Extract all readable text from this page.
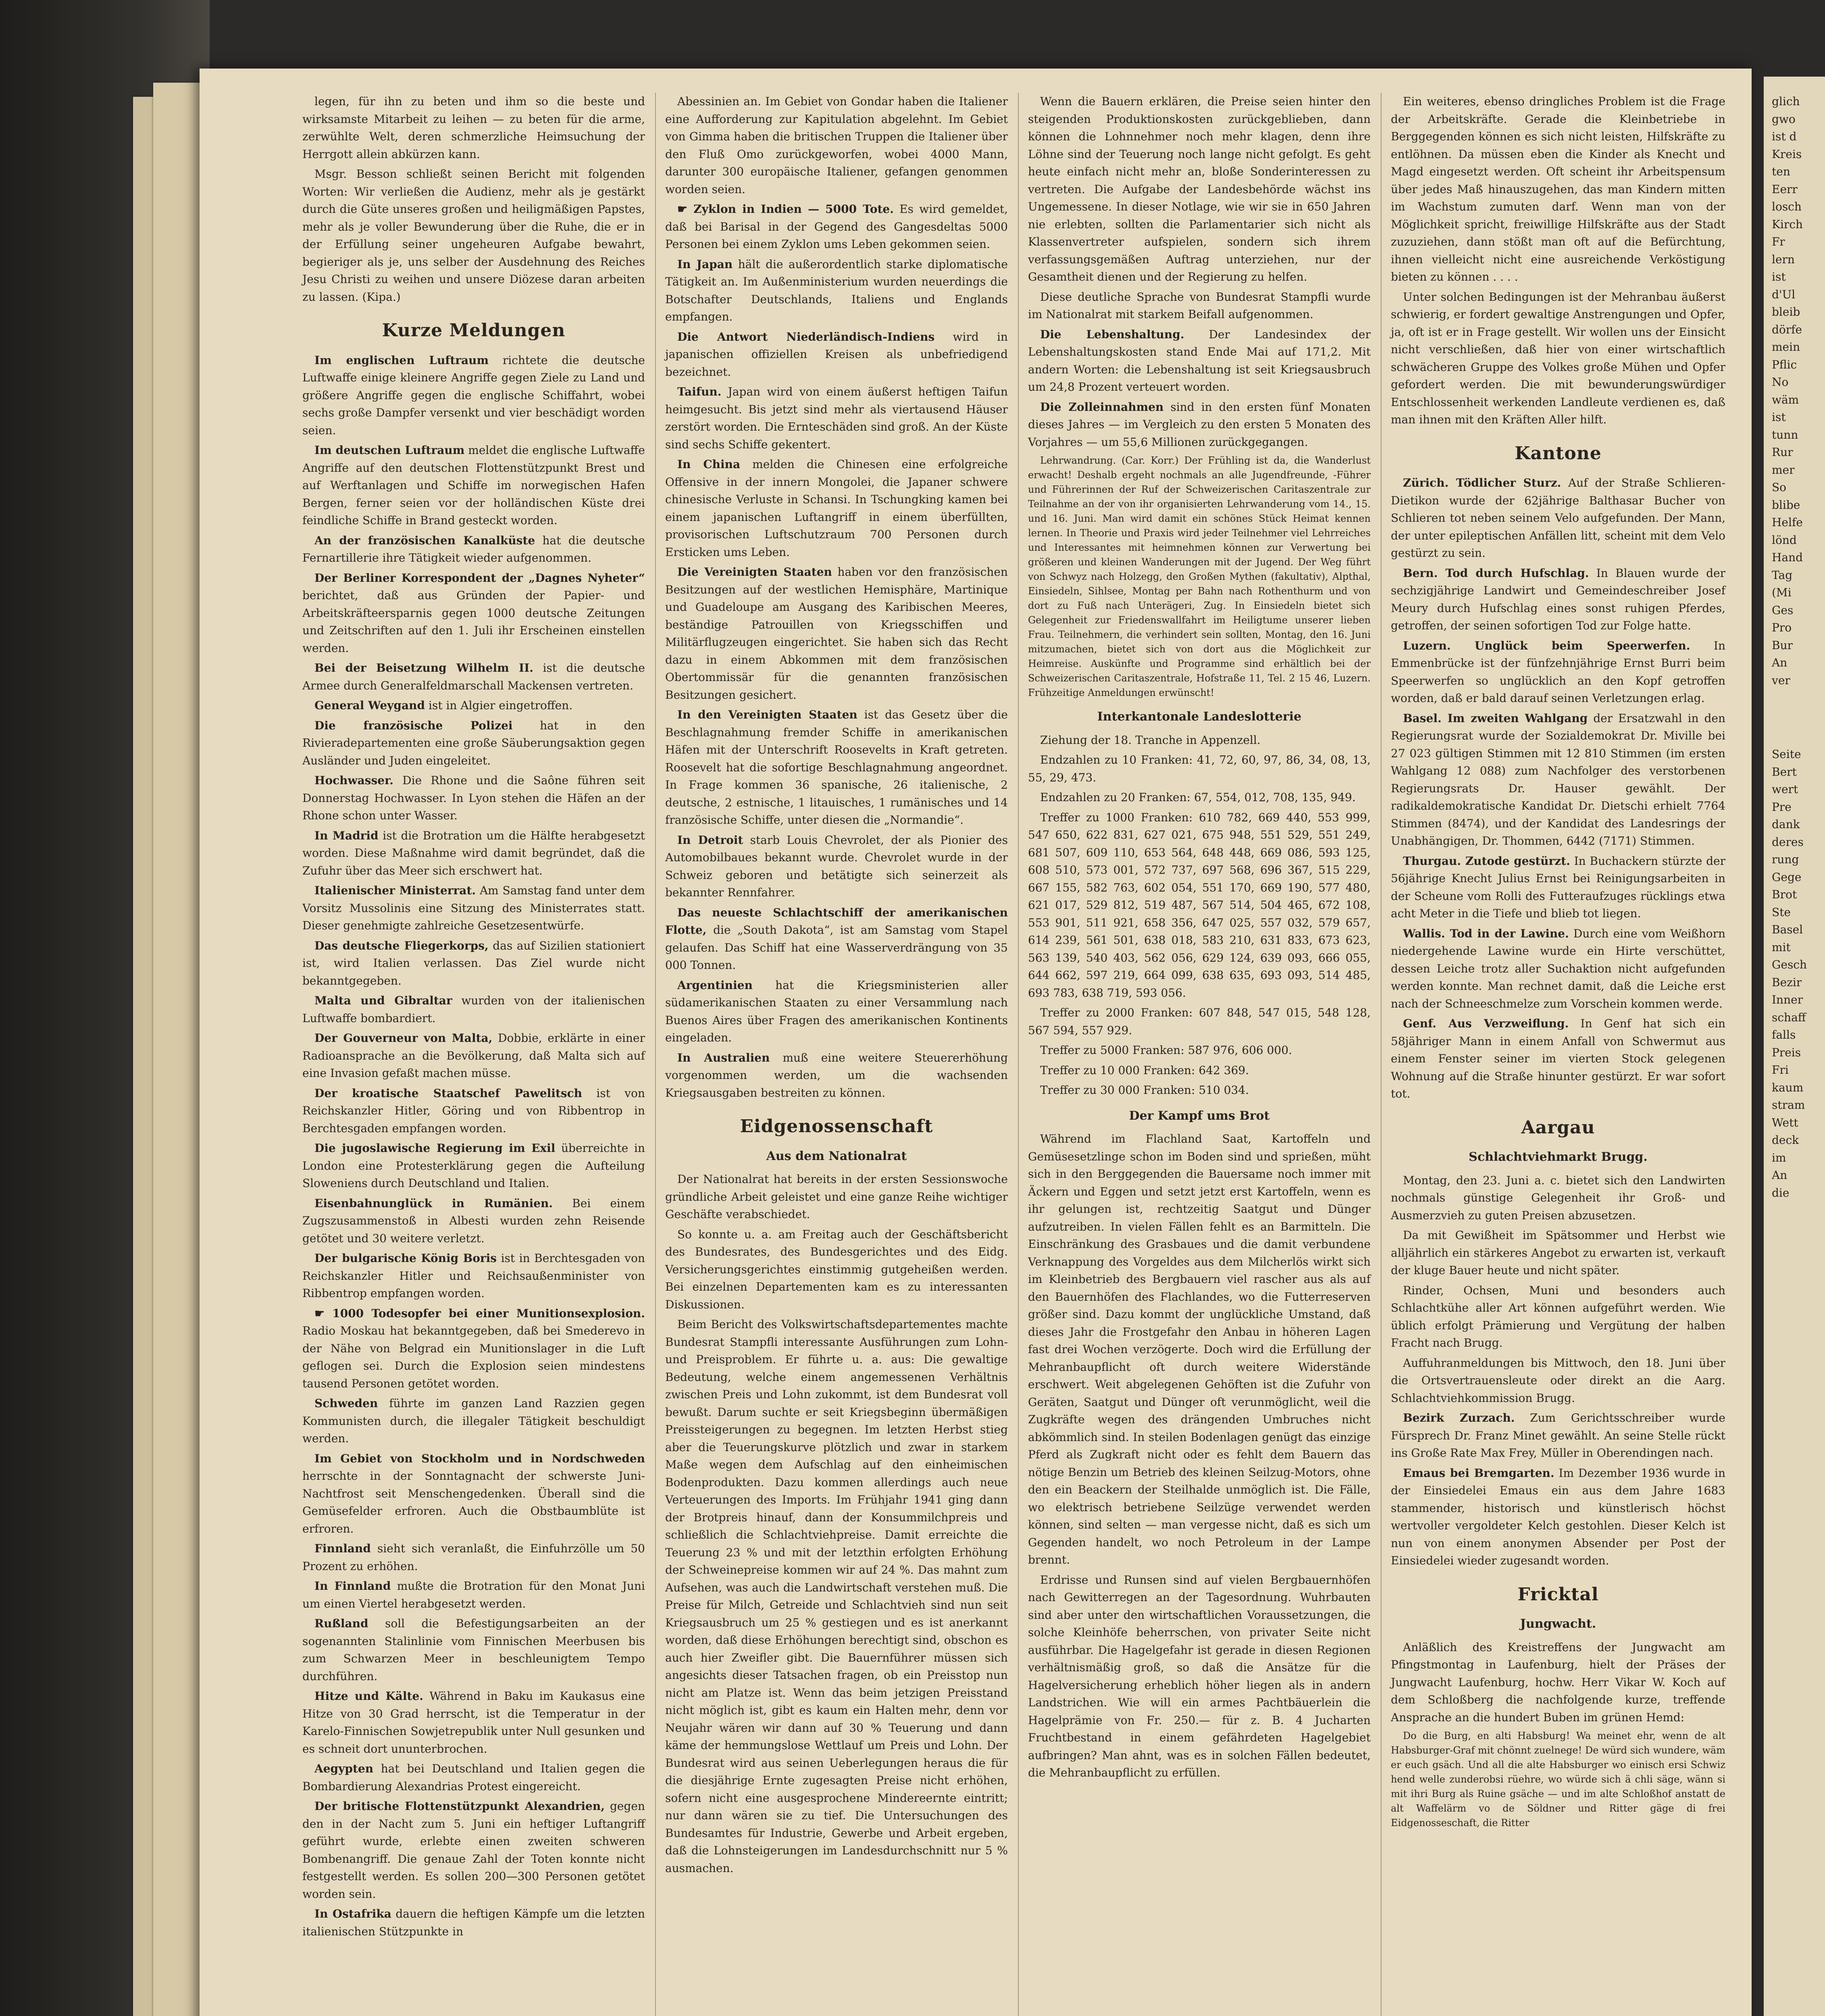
legen, für ihn zu beten und ihm so die beste und wirksamste Mitarbeit zu leihen — zu beten für die arme, zerwühlte Welt, deren schmerzliche Heimsuchung der Herrgott allein abkürzen kann.

Msgr. Besson schließt seinen Bericht mit folgenden Worten: Wir verließen die Audienz, mehr als je gestärkt durch die Güte unseres großen und heiligmäßigen Papstes, mehr als je voller Bewunderung über die Ruhe, die er in der Erfüllung seiner ungeheuren Aufgabe bewahrt, begieriger als je, uns selber der Ausdehnung des Reiches Jesu Christi zu weihen und unsere Diözese daran arbeiten zu lassen. (Kipa.)

Kurze Meldungen

Im englischen Luftraum richtete die deutsche Luftwaffe einige kleinere Angriffe gegen Ziele zu Land und größere Angriffe gegen die englische Schiffahrt, wobei sechs große Dampfer versenkt und vier beschädigt worden seien.

Im deutschen Luftraum meldet die englische Luftwaffe Angriffe auf den deutschen Flottenstützpunkt Brest und auf Werftanlagen und Schiffe im norwegischen Hafen Bergen, ferner seien vor der holländischen Küste drei feindliche Schiffe in Brand gesteckt worden.

An der französischen Kanalküste hat die deutsche Fernartillerie ihre Tätigkeit wieder aufgenommen.

Der Berliner Korrespondent der „Dagnes Nyheter“ berichtet, daß aus Gründen der Papier- und Arbeitskräfteersparnis gegen 1000 deutsche Zeitungen und Zeitschriften auf den 1. Juli ihr Erscheinen einstellen werden.

Bei der Beisetzung Wilhelm II. ist die deutsche Armee durch Generalfeldmarschall Mackensen vertreten.

General Weygand ist in Algier eingetroffen.

Die französische Polizei hat in den Rivieradepartementen eine große Säuberungsaktion gegen Ausländer und Juden eingeleitet.

Hochwasser. Die Rhone und die Saône führen seit Donnerstag Hochwasser. In Lyon stehen die Häfen an der Rhone schon unter Wasser.

In Madrid ist die Brotration um die Hälfte herabgesetzt worden. Diese Maßnahme wird damit begründet, daß die Zufuhr über das Meer sich erschwert hat.

Italienischer Ministerrat. Am Samstag fand unter dem Vorsitz Mussolinis eine Sitzung des Ministerrates statt. Dieser genehmigte zahlreiche Gesetzesentwürfe.

Das deutsche Fliegerkorps, das auf Sizilien stationiert ist, wird Italien verlassen. Das Ziel wurde nicht bekanntgegeben.

Malta und Gibraltar wurden von der italienischen Luftwaffe bombardiert.

Der Gouverneur von Malta, Dobbie, erklärte in einer Radioansprache an die Bevölkerung, daß Malta sich auf eine Invasion gefaßt machen müsse.

Der kroatische Staatschef Pawelitsch ist von Reichskanzler Hitler, Göring und von Ribbentrop in Berchtesgaden empfangen worden.

Die jugoslawische Regierung im Exil überreichte in London eine Protesterklärung gegen die Aufteilung Sloweniens durch Deutschland und Italien.

Eisenbahnunglück in Rumänien. Bei einem Zugszusammenstoß in Albesti wurden zehn Reisende getötet und 30 weitere verletzt.

Der bulgarische König Boris ist in Berchtesgaden von Reichskanzler Hitler und Reichsaußenminister von Ribbentrop empfangen worden.

☛ 1000 Todesopfer bei einer Munitionsexplosion. Radio Moskau hat bekanntgegeben, daß bei Smederevo in der Nähe von Belgrad ein Munitionslager in die Luft geflogen sei. Durch die Explosion seien mindestens tausend Personen getötet worden.

Schweden führte im ganzen Land Razzien gegen Kommunisten durch, die illegaler Tätigkeit beschuldigt werden.

Im Gebiet von Stockholm und in Nordschweden herrschte in der Sonntagnacht der schwerste Juni-Nachtfrost seit Menschengedenken. Überall sind die Gemüsefelder erfroren. Auch die Obstbaumblüte ist erfroren.

Finnland sieht sich veranlaßt, die Einfuhrzölle um 50 Prozent zu erhöhen.

In Finnland mußte die Brotration für den Monat Juni um einen Viertel herabgesetzt werden.

Rußland soll die Befestigungsarbeiten an der sogenannten Stalinlinie vom Finnischen Meerbusen bis zum Schwarzen Meer in beschleunigtem Tempo durchführen.

Hitze und Kälte. Während in Baku im Kaukasus eine Hitze von 30 Grad herrscht, ist die Temperatur in der Karelo-Finnischen Sowjetrepublik unter Null gesunken und es schneit dort ununterbrochen.

Aegypten hat bei Deutschland und Italien gegen die Bombardierung Alexandrias Protest eingereicht.

Der britische Flottenstützpunkt Alexandrien, gegen den in der Nacht zum 5. Juni ein heftiger Luftangriff geführt wurde, erlebte einen zweiten schweren Bombenangriff. Die genaue Zahl der Toten konnte nicht festgestellt werden. Es sollen 200—300 Personen getötet worden sein.

In Ostafrika dauern die heftigen Kämpfe um die letzten italienischen Stützpunkte in

Abessinien an. Im Gebiet von Gondar haben die Italiener eine Aufforderung zur Kapitulation abgelehnt. Im Gebiet von Gimma haben die britischen Truppen die Italiener über den Fluß Omo zurückgeworfen, wobei 4000 Mann, darunter 300 europäische Italiener, gefangen genommen worden seien.

☛ Zyklon in Indien — 5000 Tote. Es wird gemeldet, daß bei Barisal in der Gegend des Gangesdeltas 5000 Personen bei einem Zyklon ums Leben gekommen seien.

In Japan hält die außerordentlich starke diplomatische Tätigkeit an. Im Außenministerium wurden neuerdings die Botschafter Deutschlands, Italiens und Englands empfangen.

Die Antwort Niederländisch-Indiens wird in japanischen offiziellen Kreisen als unbefriedigend bezeichnet.

Taifun. Japan wird von einem äußerst heftigen Taifun heimgesucht. Bis jetzt sind mehr als viertausend Häuser zerstört worden. Die Ernteschäden sind groß. An der Küste sind sechs Schiffe gekentert.

In China melden die Chinesen eine erfolgreiche Offensive in der innern Mongolei, die Japaner schwere chinesische Verluste in Schansi. In Tschungking kamen bei einem japanischen Luftangriff in einem überfüllten, provisorischen Luftschutzraum 700 Personen durch Ersticken ums Leben.

Die Vereinigten Staaten haben vor den französischen Besitzungen auf der westlichen Hemisphäre, Martinique und Guadeloupe am Ausgang des Karibischen Meeres, beständige Patrouillen von Kriegsschiffen und Militärflugzeugen eingerichtet. Sie haben sich das Recht dazu in einem Abkommen mit dem französischen Obertommissär für die genannten französischen Besitzungen gesichert.

In den Vereinigten Staaten ist das Gesetz über die Beschlagnahmung fremder Schiffe in amerikanischen Häfen mit der Unterschrift Roosevelts in Kraft getreten. Roosevelt hat die sofortige Beschlagnahmung angeordnet. In Frage kommen 36 spanische, 26 italienische, 2 deutsche, 2 estnische, 1 litauisches, 1 rumänisches und 14 französische Schiffe, unter diesen die „Normandie“.

In Detroit starb Louis Chevrolet, der als Pionier des Automobilbaues bekannt wurde. Chevrolet wurde in der Schweiz geboren und betätigte sich seinerzeit als bekannter Rennfahrer.

Das neueste Schlachtschiff der amerikanischen Flotte, die „South Dakota“, ist am Samstag vom Stapel gelaufen. Das Schiff hat eine Wasserverdrängung von 35 000 Tonnen.

Argentinien hat die Kriegsministerien aller südamerikanischen Staaten zu einer Versammlung nach Buenos Aires über Fragen des amerikanischen Kontinents eingeladen.

In Australien muß eine weitere Steuererhöhung vorgenommen werden, um die wachsenden Kriegsausgaben bestreiten zu können.

Eidgenossenschaft
Aus dem Nationalrat

Der Nationalrat hat bereits in der ersten Sessionswoche gründliche Arbeit geleistet und eine ganze Reihe wichtiger Geschäfte verabschiedet.

So konnte u. a. am Freitag auch der Geschäftsbericht des Bundesrates, des Bundesgerichtes und des Eidg. Versicherungsgerichtes einstimmig gutgeheißen werden. Bei einzelnen Departementen kam es zu interessanten Diskussionen.

Beim Bericht des Volkswirtschaftsdepartementes machte Bundesrat Stampfli interessante Ausführungen zum Lohn- und Preisproblem. Er führte u. a. aus: Die gewaltige Bedeutung, welche einem angemessenen Verhältnis zwischen Preis und Lohn zukommt, ist dem Bundesrat voll bewußt. Darum suchte er seit Kriegsbeginn übermäßigen Preissteigerungen zu begegnen. Im letzten Herbst stieg aber die Teuerungskurve plötzlich und zwar in starkem Maße wegen dem Aufschlag auf den einheimischen Bodenprodukten. Dazu kommen allerdings auch neue Verteuerungen des Imports. Im Frühjahr 1941 ging dann der Brotpreis hinauf, dann der Konsummilchpreis und schließlich die Schlachtviehpreise. Damit erreichte die Teuerung 23 % und mit der letzthin erfolgten Erhöhung der Schweinepreise kommen wir auf 24 %. Das mahnt zum Aufsehen, was auch die Landwirtschaft verstehen muß. Die Preise für Milch, Getreide und Schlachtvieh sind nun seit Kriegsausbruch um 25 % gestiegen und es ist anerkannt worden, daß diese Erhöhungen berechtigt sind, obschon es auch hier Zweifler gibt. Die Bauernführer müssen sich angesichts dieser Tatsachen fragen, ob ein Preisstop nun nicht am Platze ist. Wenn das beim jetzigen Preisstand nicht möglich ist, gibt es kaum ein Halten mehr, denn vor Neujahr wären wir dann auf 30 % Teuerung und dann käme der hemmungslose Wettlauf um Preis und Lohn. Der Bundesrat wird aus seinen Ueberlegungen heraus die für die diesjährige Ernte zugesagten Preise nicht erhöhen, sofern nicht eine ausgesprochene Mindereernte eintritt; nur dann wären sie zu tief. Die Untersuchungen des Bundesamtes für Industrie, Gewerbe und Arbeit ergeben, daß die Lohnsteigerungen im Landesdurchschnitt nur 5 % ausmachen.

Wenn die Bauern erklären, die Preise seien hinter den steigenden Produktionskosten zurückgeblieben, dann können die Lohnnehmer noch mehr klagen, denn ihre Löhne sind der Teuerung noch lange nicht gefolgt. Es geht heute einfach nicht mehr an, bloße Sonderinteressen zu vertreten. Die Aufgabe der Landesbehörde wächst ins Ungemessene. In dieser Notlage, wie wir sie in 650 Jahren nie erlebten, sollten die Parlamentarier sich nicht als Klassenvertreter aufspielen, sondern sich ihrem verfassungsgemäßen Auftrag unterziehen, nur der Gesamtheit dienen und der Regierung zu helfen.

Diese deutliche Sprache von Bundesrat Stampfli wurde im Nationalrat mit starkem Beifall aufgenommen.

Die Lebenshaltung. Der Landesindex der Lebenshaltungskosten stand Ende Mai auf 171,2. Mit andern Worten: die Lebenshaltung ist seit Kriegsausbruch um 24,8 Prozent verteuert worden.

Die Zolleinnahmen sind in den ersten fünf Monaten dieses Jahres — im Vergleich zu den ersten 5 Monaten des Vorjahres — um 55,6 Millionen zurückgegangen.

Lehrwandrung. (Car. Korr.) Der Frühling ist da, die Wanderlust erwacht! Deshalb ergeht nochmals an alle Jugendfreunde, -Führer und Führerinnen der Ruf der Schweizerischen Caritaszentrale zur Teilnahme an der von ihr organisierten Lehrwanderung vom 14., 15. und 16. Juni. Man wird damit ein schönes Stück Heimat kennen lernen. In Theorie und Praxis wird jeder Teilnehmer viel Lehrreiches und Interessantes mit heimnehmen können zur Verwertung bei größeren und kleinen Wanderungen mit der Jugend. Der Weg führt von Schwyz nach Holzegg, den Großen Mythen (fakultativ), Alpthal, Einsiedeln, Sihlsee, Montag per Bahn nach Rothenthurm und von dort zu Fuß nach Unterägeri, Zug. In Einsiedeln bietet sich Gelegenheit zur Friedenswallfahrt im Heiligtume unserer lieben Frau. Teilnehmern, die verhindert sein sollten, Montag, den 16. Juni mitzumachen, bietet sich von dort aus die Möglichkeit zur Heimreise. Auskünfte und Programme sind erhältlich bei der Schweizerischen Caritaszentrale, Hofstraße 11, Tel. 2 15 46, Luzern. Frühzeitige Anmeldungen erwünscht!

Interkantonale Landeslotterie

Ziehung der 18. Tranche in Appenzell.

Endzahlen zu 10 Franken: 41, 72, 60, 97, 86, 34, 08, 13, 55, 29, 473.

Endzahlen zu 20 Franken: 67, 554, 012, 708, 135, 949.

Treffer zu 1000 Franken: 610 782, 669 440, 553 999, 547 650, 622 831, 627 021, 675 948, 551 529, 551 249, 681 507, 609 110, 653 564, 648 448, 669 086, 593 125, 608 510, 573 001, 572 737, 697 568, 696 367, 515 229, 667 155, 582 763, 602 054, 551 170, 669 190, 577 480, 621 017, 529 812, 519 487, 567 514, 504 465, 672 108, 553 901, 511 921, 658 356, 647 025, 557 032, 579 657, 614 239, 561 501, 638 018, 583 210, 631 833, 673 623, 563 139, 540 403, 562 056, 629 124, 639 093, 666 055, 644 662, 597 219, 664 099, 638 635, 693 093, 514 485, 693 783, 638 719, 593 056.

Treffer zu 2000 Franken: 607 848, 547 015, 548 128, 567 594, 557 929.

Treffer zu 5000 Franken: 587 976, 606 000.

Treffer zu 10 000 Franken: 642 369.

Treffer zu 30 000 Franken: 510 034.

Der Kampf ums Brot

Während im Flachland Saat, Kartoffeln und Gemüsesetzlinge schon im Boden sind und sprießen, müht sich in den Berggegenden die Bauersame noch immer mit Äckern und Eggen und setzt jetzt erst Kartoffeln, wenn es ihr gelungen ist, rechtzeitig Saatgut und Dünger aufzutreiben. In vielen Fällen fehlt es an Barmitteln. Die Einschränkung des Grasbaues und die damit verbundene Verknappung des Vorgeldes aus dem Milcherlös wirkt sich im Kleinbetrieb des Bergbauern viel rascher aus als auf den Bauernhöfen des Flachlandes, wo die Futterreserven größer sind. Dazu kommt der unglückliche Umstand, daß dieses Jahr die Frostgefahr den Anbau in höheren Lagen fast drei Wochen verzögerte. Doch wird die Erfüllung der Mehranbaupflicht oft durch weitere Widerstände erschwert. Weit abgelegenen Gehöften ist die Zufuhr von Geräten, Saatgut und Dünger oft verunmöglicht, weil die Zugkräfte wegen des drängenden Umbruches nicht abkömmlich sind. In steilen Bodenlagen genügt das einzige Pferd als Zugkraft nicht oder es fehlt dem Bauern das nötige Benzin um Betrieb des kleinen Seilzug-Motors, ohne den ein Beackern der Steilhalde unmöglich ist. Die Fälle, wo elektrisch betriebene Seilzüge verwendet werden können, sind selten — man vergesse nicht, daß es sich um Gegenden handelt, wo noch Petroleum in der Lampe brennt.

Erdrisse und Runsen sind auf vielen Bergbauernhöfen nach Gewitterregen an der Tagesordnung. Wuhrbauten sind aber unter den wirtschaftlichen Voraussetzungen, die solche Kleinhöfe beherrschen, von privater Seite nicht ausführbar. Die Hagelgefahr ist gerade in diesen Regionen verhältnismäßig groß, so daß die Ansätze für die Hagelversicherung erheblich höher liegen als in andern Landstrichen. Wie will ein armes Pachtbäuerlein die Hagelprämie von Fr. 250.— für z. B. 4 Jucharten Fruchtbestand in einem gefährdeten Hagelgebiet aufbringen? Man ahnt, was es in solchen Fällen bedeutet, die Mehranbaupflicht zu erfüllen.

Ein weiteres, ebenso dringliches Problem ist die Frage der Arbeitskräfte. Gerade die Kleinbetriebe in Berggegenden können es sich nicht leisten, Hilfskräfte zu entlöhnen. Da müssen eben die Kinder als Knecht und Magd eingesetzt werden. Oft scheint ihr Arbeitspensum über jedes Maß hinauszugehen, das man Kindern mitten im Wachstum zumuten darf. Wenn man von der Möglichkeit spricht, freiwillige Hilfskräfte aus der Stadt zuzuziehen, dann stößt man oft auf die Befürchtung, ihnen vielleicht nicht eine ausreichende Verköstigung bieten zu können . . . .

Unter solchen Bedingungen ist der Mehranbau äußerst schwierig, er fordert gewaltige Anstrengungen und Opfer, ja, oft ist er in Frage gestellt. Wir wollen uns der Einsicht nicht verschließen, daß hier von einer wirtschaftlich schwächeren Gruppe des Volkes große Mühen und Opfer gefordert werden. Die mit bewunderungswürdiger Entschlossenheit werkenden Landleute verdienen es, daß man ihnen mit den Kräften Aller hilft.

Kantone

Zürich. Tödlicher Sturz. Auf der Straße Schlieren-Dietikon wurde der 62jährige Balthasar Bucher von Schlieren tot neben seinem Velo aufgefunden. Der Mann, der unter epileptischen Anfällen litt, scheint mit dem Velo gestürzt zu sein.

Bern. Tod durch Hufschlag. In Blauen wurde der sechzigjährige Landwirt und Gemeindeschreiber Josef Meury durch Hufschlag eines sonst ruhigen Pferdes, getroffen, der seinen sofortigen Tod zur Folge hatte.

Luzern. Unglück beim Speerwerfen. In Emmenbrücke ist der fünfzehnjährige Ernst Burri beim Speerwerfen so unglücklich an den Kopf getroffen worden, daß er bald darauf seinen Verletzungen erlag.

Basel. Im zweiten Wahlgang der Ersatzwahl in den Regierungsrat wurde der Sozialdemokrat Dr. Miville bei 27 023 gültigen Stimmen mit 12 810 Stimmen (im ersten Wahlgang 12 088) zum Nachfolger des verstorbenen Regierungsrats Dr. Hauser gewählt. Der radikaldemokratische Kandidat Dr. Dietschi erhielt 7764 Stimmen (8474), und der Kandidat des Landesrings der Unabhängigen, Dr. Thommen, 6442 (7171) Stimmen.

Thurgau. Zutode gestürzt. In Buchackern stürzte der 56jährige Knecht Julius Ernst bei Reinigungsarbeiten in der Scheune vom Rolli des Futteraufzuges rücklings etwa acht Meter in die Tiefe und blieb tot liegen.

Wallis. Tod in der Lawine. Durch eine vom Weißhorn niedergehende Lawine wurde ein Hirte verschüttet, dessen Leiche trotz aller Suchaktion nicht aufgefunden werden konnte. Man rechnet damit, daß die Leiche erst nach der Schneeschmelze zum Vorschein kommen werde.

Genf. Aus Verzweiflung. In Genf hat sich ein 58jähriger Mann in einem Anfall von Schwermut aus einem Fenster seiner im vierten Stock gelegenen Wohnung auf die Straße hinunter gestürzt. Er war sofort tot.

Aargau
Schlachtviehmarkt Brugg.

Montag, den 23. Juni a. c. bietet sich den Landwirten nochmals günstige Gelegenheit ihr Groß- und Ausmerzvieh zu guten Preisen abzusetzen.

Da mit Gewißheit im Spätsommer und Herbst wie alljährlich ein stärkeres Angebot zu erwarten ist, verkauft der kluge Bauer heute und nicht später.

Rinder, Ochsen, Muni und besonders auch Schlachtkühe aller Art können aufgeführt werden. Wie üblich erfolgt Prämierung und Vergütung der halben Fracht nach Brugg.

Auffuhranmeldungen bis Mittwoch, den 18. Juni über die Ortsvertrauensleute oder direkt an die Aarg. Schlachtviehkommission Brugg.

Bezirk Zurzach. Zum Gerichtsschreiber wurde Fürsprech Dr. Franz Minet gewählt. An seine Stelle rückt ins Große Rate Max Frey, Müller in Oberendingen nach.

Emaus bei Bremgarten. Im Dezember 1936 wurde in der Einsiedelei Emaus ein aus dem Jahre 1683 stammender, historisch und künstlerisch höchst wertvoller vergoldeter Kelch gestohlen. Dieser Kelch ist nun von einem anonymen Absender per Post der Einsiedelei wieder zugesandt worden.

Fricktal
Jungwacht.

Anläßlich des Kreistreffens der Jungwacht am Pfingstmontag in Laufenburg, hielt der Präses der Jungwacht Laufenburg, hochw. Herr Vikar W. Koch auf dem Schloßberg die nachfolgende kurze, treffende Ansprache an die hundert Buben im grünen Hemd:

Do die Burg, en alti Habsburg! Wa meinet ehr, wenn de alt Habsburger-Graf mit chönnt zuelnege! De würd sich wundere, wäm er euch gsäch. Und all die alte Habsburger wo einisch ersi Schwiz hend welle zunderobsi rüehre, wo würde sich ä chli säge, wänn si mit ihri Burg als Ruine gsäche — und im alte Schloßhof anstatt de alt Waffelärm vo de Söldner und Ritter gäge di frei Eidgenosseschaft, die Ritter

glich
gwo
ist d
Kreis
ten
Eerr
losch
Kirch
Fr
lern
ist
d'Ul
bleib
dörfe
mein
Pflic
No
wäm
ist
tunn
Rur
mer
So
blibe
Helfe
lönd
Hand
Tag
(Mi
Ges
Pro
Bur
An
ver
Seite
Bert
wert
Pre
dank
deres
rung
Gege
Brot
Ste
Basel
mit
Gesch
Bezir
Inner
schaff
falls
Preis
Fri
kaum
stram
Wett
deck
im
An
die
